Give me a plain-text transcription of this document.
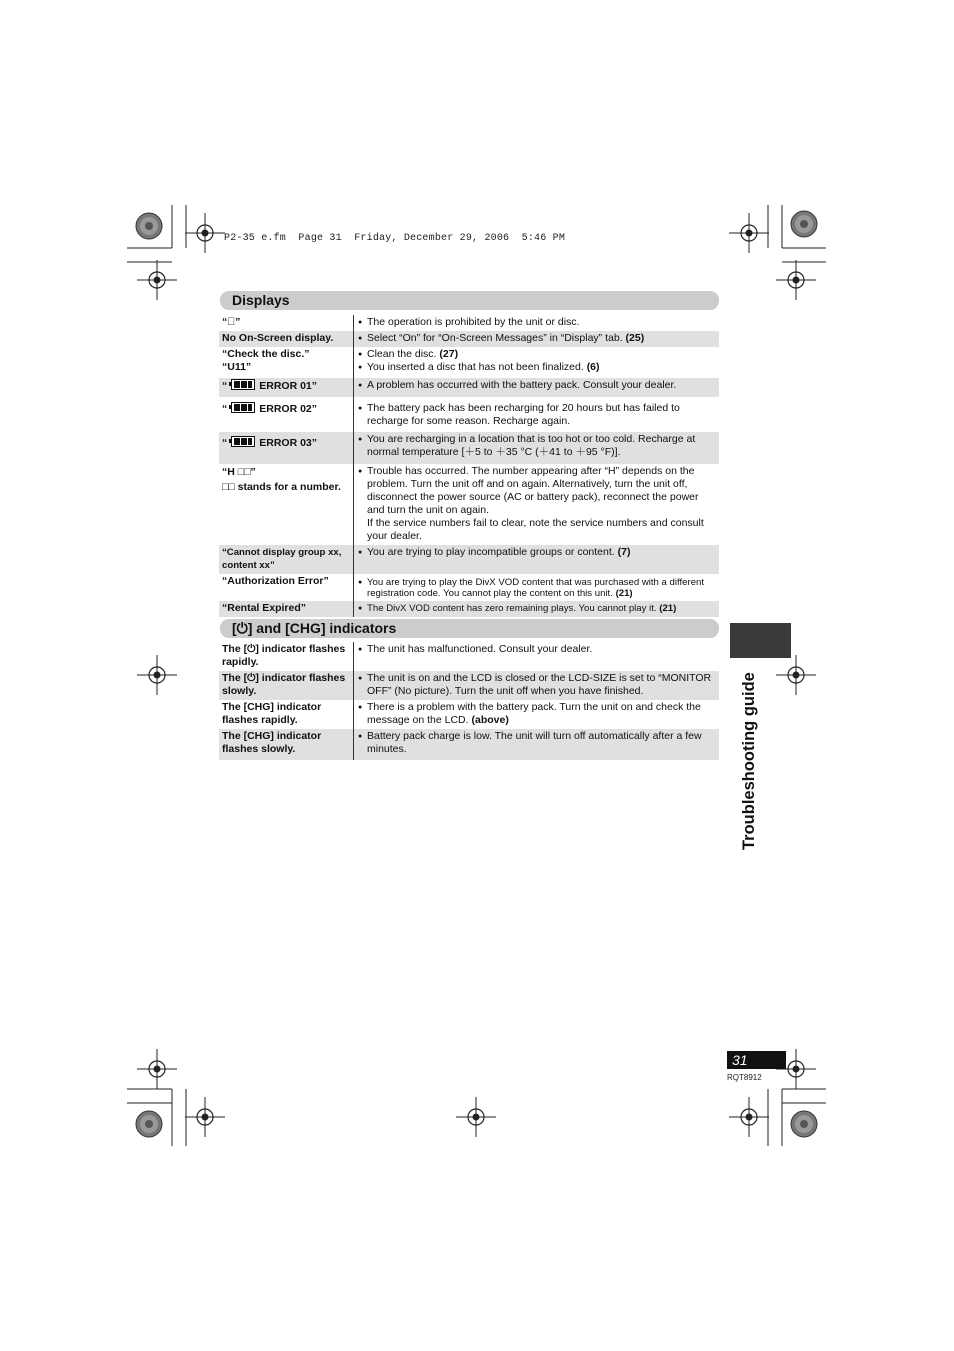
P2-35 e.fm  Page 31  Friday, December 29, 2006  5:46 PM
Displays
“⃠”	● The operation is prohibited by the unit or disc.

No On-Screen display.	● Select “On” for “On-Screen Messages” in “Display” tab. (25)

“Check the disc.”
“U11”	● Clean the disc. (27)
● You inserted a disc that has not been finalized. (6)

“ ERROR 01”	● A problem has occurred with the battery pack. Consult your dealer.

“ ERROR 02”	● The battery pack has been recharging for 20 hours but has failed to recharge for some reason. Recharge again.

“ ERROR 03”	● You are recharging in a location that is too hot or too cold. Recharge at normal temperature [＋5 to ＋35 °C (＋41 to ＋95 °F)].

“H □□”
□□ stands for a number.	● Trouble has occurred. The number appearing after “H” depends on the problem. Turn the unit off and on again. Alternatively, turn the unit off, disconnect the power source (AC or battery pack), reconnect the power and turn the unit on again.
If the service numbers fail to clear, note the service numbers and consult your dealer.

“Cannot display group xx, content xx”	● You are trying to play incompatible groups or content. (7)

“Authorization Error”	● You are trying to play the DivX VOD content that was purchased with a different registration code. You cannot play the content on this unit. (21)

“Rental Expired”	● The DivX VOD content has zero remaining plays. You cannot play it. (21)
[⏻] and [CHG] indicators
The [⏻] indicator flashes rapidly.	● The unit has malfunctioned. Consult your dealer.

The [⏻] indicator flashes slowly.	● The unit is on and the LCD is closed or the LCD-SIZE is set to “MONITOR OFF” (No picture). Turn the unit off when you have finished.

The [CHG] indicator flashes rapidly.	● There is a problem with the battery pack. Turn the unit on and check the message on the LCD. (above)

The [CHG] indicator flashes slowly.	● Battery pack charge is low. The unit will turn off automatically after a few minutes.	Troubleshooting guide
31
RQT8912
